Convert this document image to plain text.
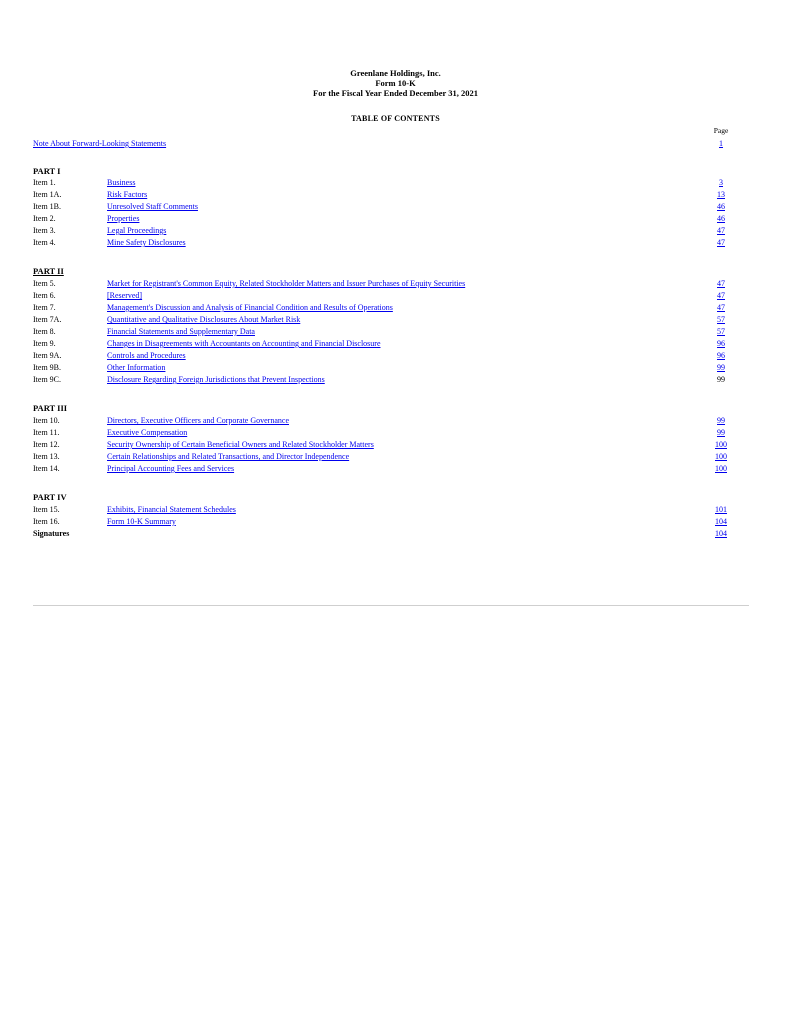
Greenlane Holdings, Inc.
Form 10-K
For the Fiscal Year Ended December 31, 2021
TABLE OF CONTENTS
Page
Note About Forward-Looking Statements	1
PART I
Item 1.	Business	3
Item 1A.	Risk Factors	13
Item 1B.	Unresolved Staff Comments	46
Item 2.	Properties	46
Item 3.	Legal Proceedings	47
Item 4.	Mine Safety Disclosures	47
PART II
Item 5.	Market for Registrant's Common Equity, Related Stockholder Matters and Issuer Purchases of Equity Securities	47
Item 6.	[Reserved]	47
Item 7.	Management's Discussion and Analysis of Financial Condition and Results of Operations	47
Item 7A.	Quantitative and Qualitative Disclosures About Market Risk	57
Item 8.	Financial Statements and Supplementary Data	57
Item 9.	Changes in Disagreements with Accountants on Accounting and Financial Disclosure	96
Item 9A.	Controls and Procedures	96
Item 9B.	Other Information	99
Item 9C.	Disclosure Regarding Foreign Jurisdictions that Prevent Inspections	99
PART III
Item 10.	Directors, Executive Officers and Corporate Governance	99
Item 11.	Executive Compensation	99
Item 12.	Security Ownership of Certain Beneficial Owners and Related Stockholder Matters	100
Item 13.	Certain Relationships and Related Transactions, and Director Independence	100
Item 14.	Principal Accounting Fees and Services	100
PART IV
Item 15.	Exhibits, Financial Statement Schedules	101
Item 16.	Form 10-K Summary	104
Signatures	104
